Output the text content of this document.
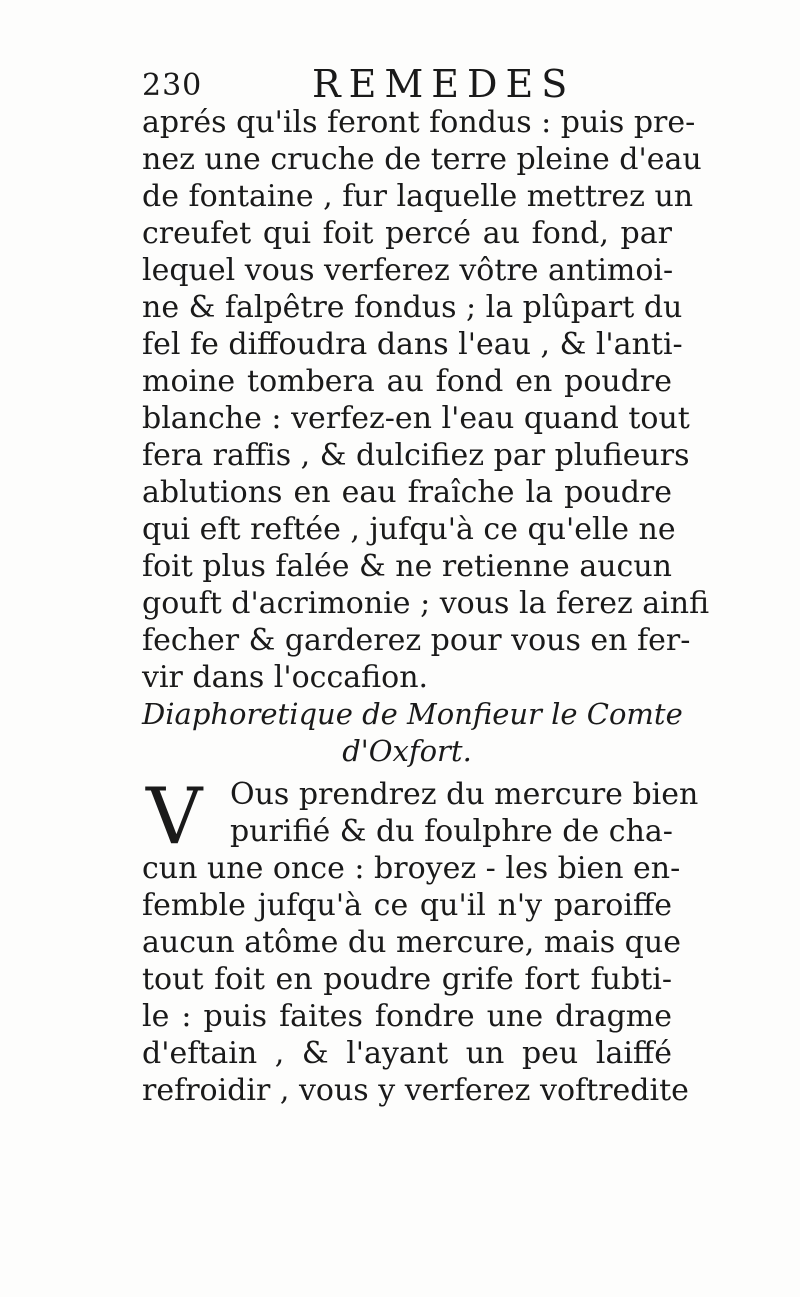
230	REMEDES
aprés qu'ils feront fondus : puis pre-
nez une cruche de terre pleine d'eau
de fontaine , fur laquelle mettrez un
creufet qui foit percé au fond, par
lequel vous verferez vôtre antimoi-
ne & falpêtre fondus ; la plûpart du
fel fe diffoudra dans l'eau , & l'anti-
moine tombera au fond en poudre
blanche : verfez-en l'eau quand tout
fera raffis , & dulcifiez par plufieurs
ablutions en eau fraîche la poudre
qui eft reftée , jufqu'à ce qu'elle ne
foit plus falée & ne retienne aucun
gouft d'acrimonie ; vous la ferez ainfi
fecher & garderez pour vous en fer-
vir dans l'occafion.
Diaphoretique de Monfieur le Comte
d'Oxfort.
V Ous prendrez du mercure bien
purifié & du foulphre de cha-
cun une once : broyez - les bien en-
femble jufqu'à ce qu'il n'y paroiffe
aucun atôme du mercure, mais que
tout foit en poudre grife fort fubti-
le : puis faites fondre une dragme
d'eftain , & l'ayant un peu laiffé
refroidir , vous y verferez voftredite
